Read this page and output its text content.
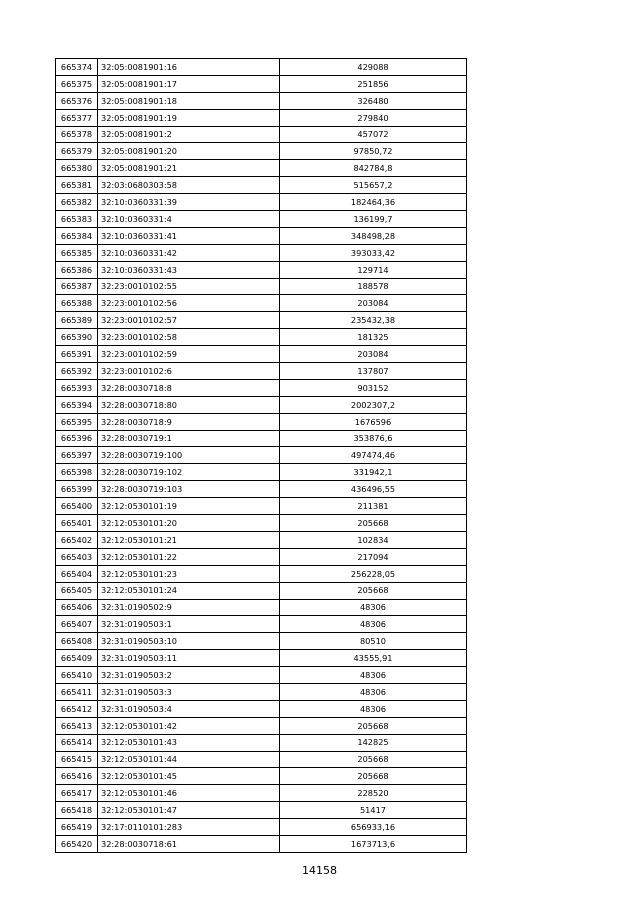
665374	32:05:0081901:16	429088
665375	32:05:0081901:17	251856
665376	32:05:0081901:18	326480
665377	32:05:0081901:19	279840
665378	32:05:0081901:2	457072
665379	32:05:0081901:20	97850,72
665380	32:05:0081901:21	842784,8
665381	32:03:0680303:58	515657,2
665382	32:10:0360331:39	182464,36
665383	32:10:0360331:4	136199,7
665384	32:10:0360331:41	348498,28
665385	32:10:0360331:42	393033,42
665386	32:10:0360331:43	129714
665387	32:23:0010102:55	188578
665388	32:23:0010102:56	203084
665389	32:23:0010102:57	235432,38
665390	32:23:0010102:58	181325
665391	32:23:0010102:59	203084
665392	32:23:0010102:6	137807
665393	32:28:0030718:8	903152
665394	32:28:0030718:80	2002307,2
665395	32:28:0030718:9	1676596
665396	32:28:0030719:1	353876,6
665397	32:28:0030719:100	497474,46
665398	32:28:0030719:102	331942,1
665399	32:28:0030719:103	436496,55
665400	32:12:0530101:19	211381
665401	32:12:0530101:20	205668
665402	32:12:0530101:21	102834
665403	32:12:0530101:22	217094
665404	32:12:0530101:23	256228,05
665405	32:12:0530101:24	205668
665406	32:31:0190502:9	48306
665407	32:31:0190503:1	48306
665408	32:31:0190503:10	80510
665409	32:31:0190503:11	43555,91
665410	32:31:0190503:2	48306
665411	32:31:0190503:3	48306
665412	32:31:0190503:4	48306
665413	32:12:0530101:42	205668
665414	32:12:0530101:43	142825
665415	32:12:0530101:44	205668
665416	32:12:0530101:45	205668
665417	32:12:0530101:46	228520
665418	32:12:0530101:47	51417
665419	32:17:0110101:283	656933,16
665420	32:28:0030718:61	1673713,6
14158
